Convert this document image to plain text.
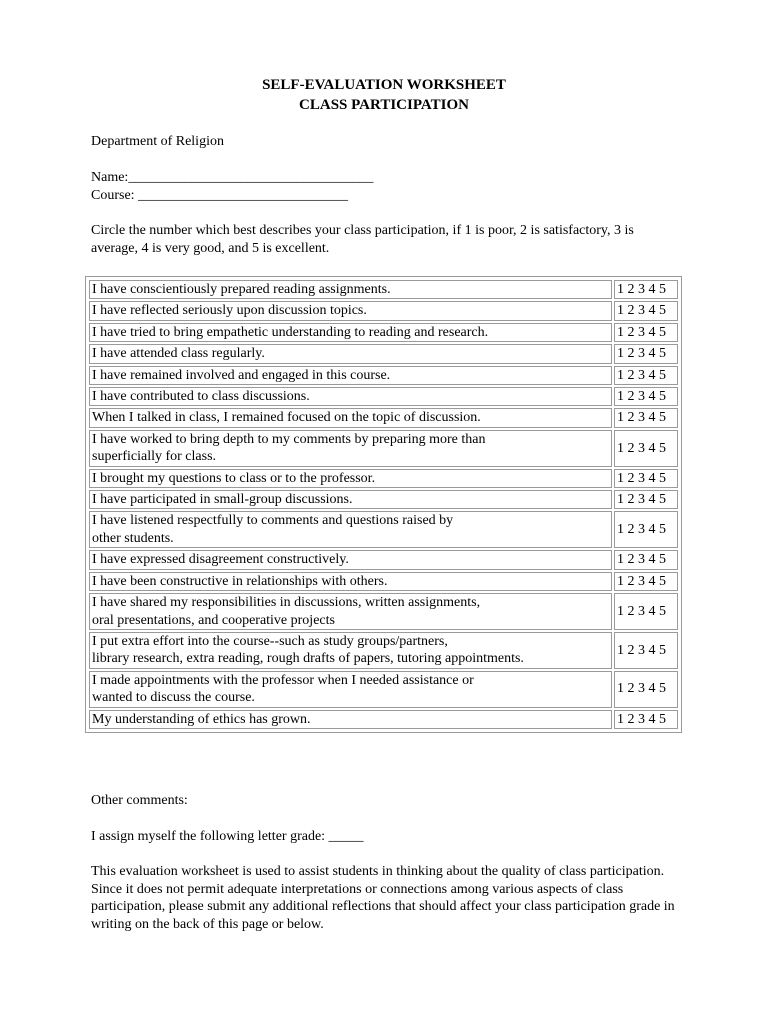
SELF-EVALUATION WORKSHEET
CLASS PARTICIPATION
Department of Religion
Name:___________________________________
Course: ______________________________
Circle the number which best describes your class participation, if 1 is poor, 2 is satisfactory, 3 is average, 4 is very good, and 5 is excellent.
I have conscientiously prepared reading assignments.	1 2 3 4 5
I have reflected seriously upon discussion topics.	1 2 3 4 5
I have tried to bring empathetic understanding to reading and research.	1 2 3 4 5
I have attended class regularly.	1 2 3 4 5
I have remained involved and engaged in this course.	1 2 3 4 5
I have contributed to class discussions.	1 2 3 4 5
When I talked in class, I remained focused on the topic of discussion.	1 2 3 4 5
I have worked to bring depth to my comments by preparing more than
superficially for class.	1 2 3 4 5
I brought my questions to class or to the professor.	1 2 3 4 5
I have participated in small-group discussions.	1 2 3 4 5
I have listened respectfully to comments and questions raised by
other students.	1 2 3 4 5
I have expressed disagreement constructively.	1 2 3 4 5
I have been constructive in relationships with others.	1 2 3 4 5
I have shared my responsibilities in discussions, written assignments,
oral presentations, and cooperative projects	1 2 3 4 5
I put extra effort into the course--such as study groups/partners,
library research, extra reading, rough drafts of papers, tutoring appointments.	1 2 3 4 5
I made appointments with the professor when I needed assistance or
wanted to discuss the course.	1 2 3 4 5
My understanding of ethics has grown.	1 2 3 4 5
Other comments:
I assign myself the following letter grade: _____
This evaluation worksheet is used to assist students in thinking about the quality of class participation. Since it does not permit adequate interpretations or connections among various aspects of class participation, please submit any additional reflections that should affect your class participation grade in writing on the back of this page or below.
